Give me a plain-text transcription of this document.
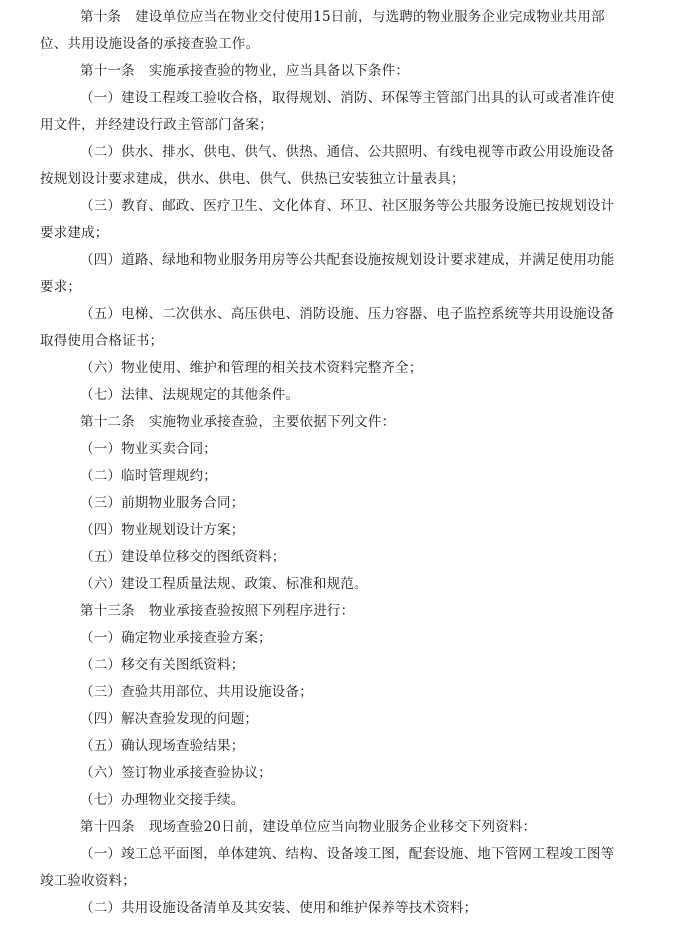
第十条 建设单位应当在物业交付使用15日前，与选聘的物业服务企业完成物业共用部位、共用设施设备的承接查验工作。

第十一条 实施承接查验的物业，应当具备以下条件：

（一）建设工程竣工验收合格，取得规划、消防、环保等主管部门出具的认可或者准许使用文件，并经建设行政主管部门备案；

（二）供水、排水、供电、供气、供热、通信、公共照明、有线电视等市政公用设施设备按规划设计要求建成，供水、供电、供气、供热已安装独立计量表具；

（三）教育、邮政、医疗卫生、文化体育、环卫、社区服务等公共服务设施已按规划设计要求建成；

（四）道路、绿地和物业服务用房等公共配套设施按规划设计要求建成，并满足使用功能要求；

（五）电梯、二次供水、高压供电、消防设施、压力容器、电子监控系统等共用设施设备取得使用合格证书；

（六）物业使用、维护和管理的相关技术资料完整齐全；

（七）法律、法规规定的其他条件。

第十二条 实施物业承接查验，主要依据下列文件：

（一）物业买卖合同；

（二）临时管理规约；

（三）前期物业服务合同；

（四）物业规划设计方案；

（五）建设单位移交的图纸资料；

（六）建设工程质量法规、政策、标准和规范。

第十三条 物业承接查验按照下列程序进行：

（一）确定物业承接查验方案；

（二）移交有关图纸资料；

（三）查验共用部位、共用设施设备；

（四）解决查验发现的问题；

（五）确认现场查验结果；

（六）签订物业承接查验协议；

（七）办理物业交接手续。

第十四条 现场查验20日前，建设单位应当向物业服务企业移交下列资料：

（一）竣工总平面图，单体建筑、结构、设备竣工图，配套设施、地下管网工程竣工图等竣工验收资料；

（二）共用设施设备清单及其安装、使用和维护保养等技术资料；
